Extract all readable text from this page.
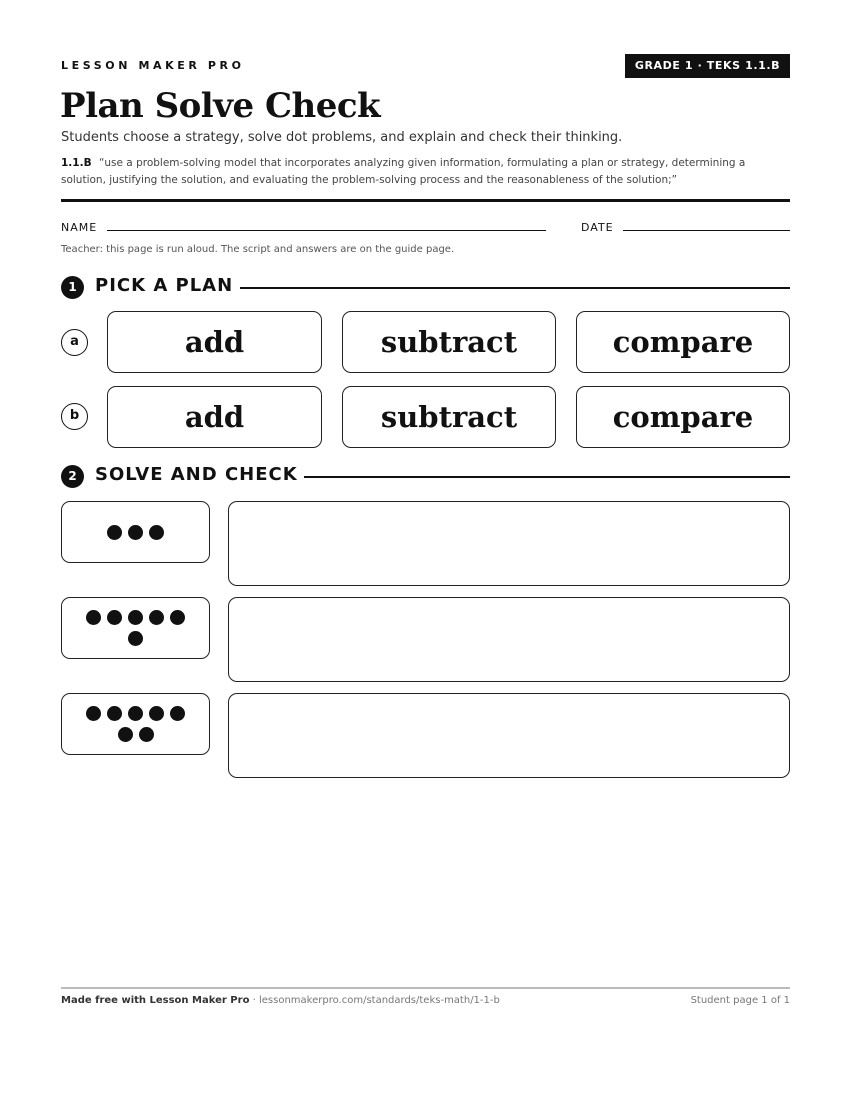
LESSON MAKER PRO	GRADE 1 · TEKS 1.1.B
Plan Solve Check
Students choose a strategy, solve dot problems, and explain and check their thinking.
1.1.B “use a problem-solving model that incorporates analyzing given information, formulating a plan or strategy, determining a solution, justifying the solution, and evaluating the problem-solving process and the reasonableness of the solution;”
NAME	DATE
Teacher: this page is run aloud. The script and answers are on the guide page.
1	PICK A PLAN
a	add	subtract	compare
b	add	subtract	compare
2	SOLVE AND CHECK
Made free with Lesson Maker Pro · lessonmakerpro.com/standards/teks-math/1-1-b	Student page 1 of 1
